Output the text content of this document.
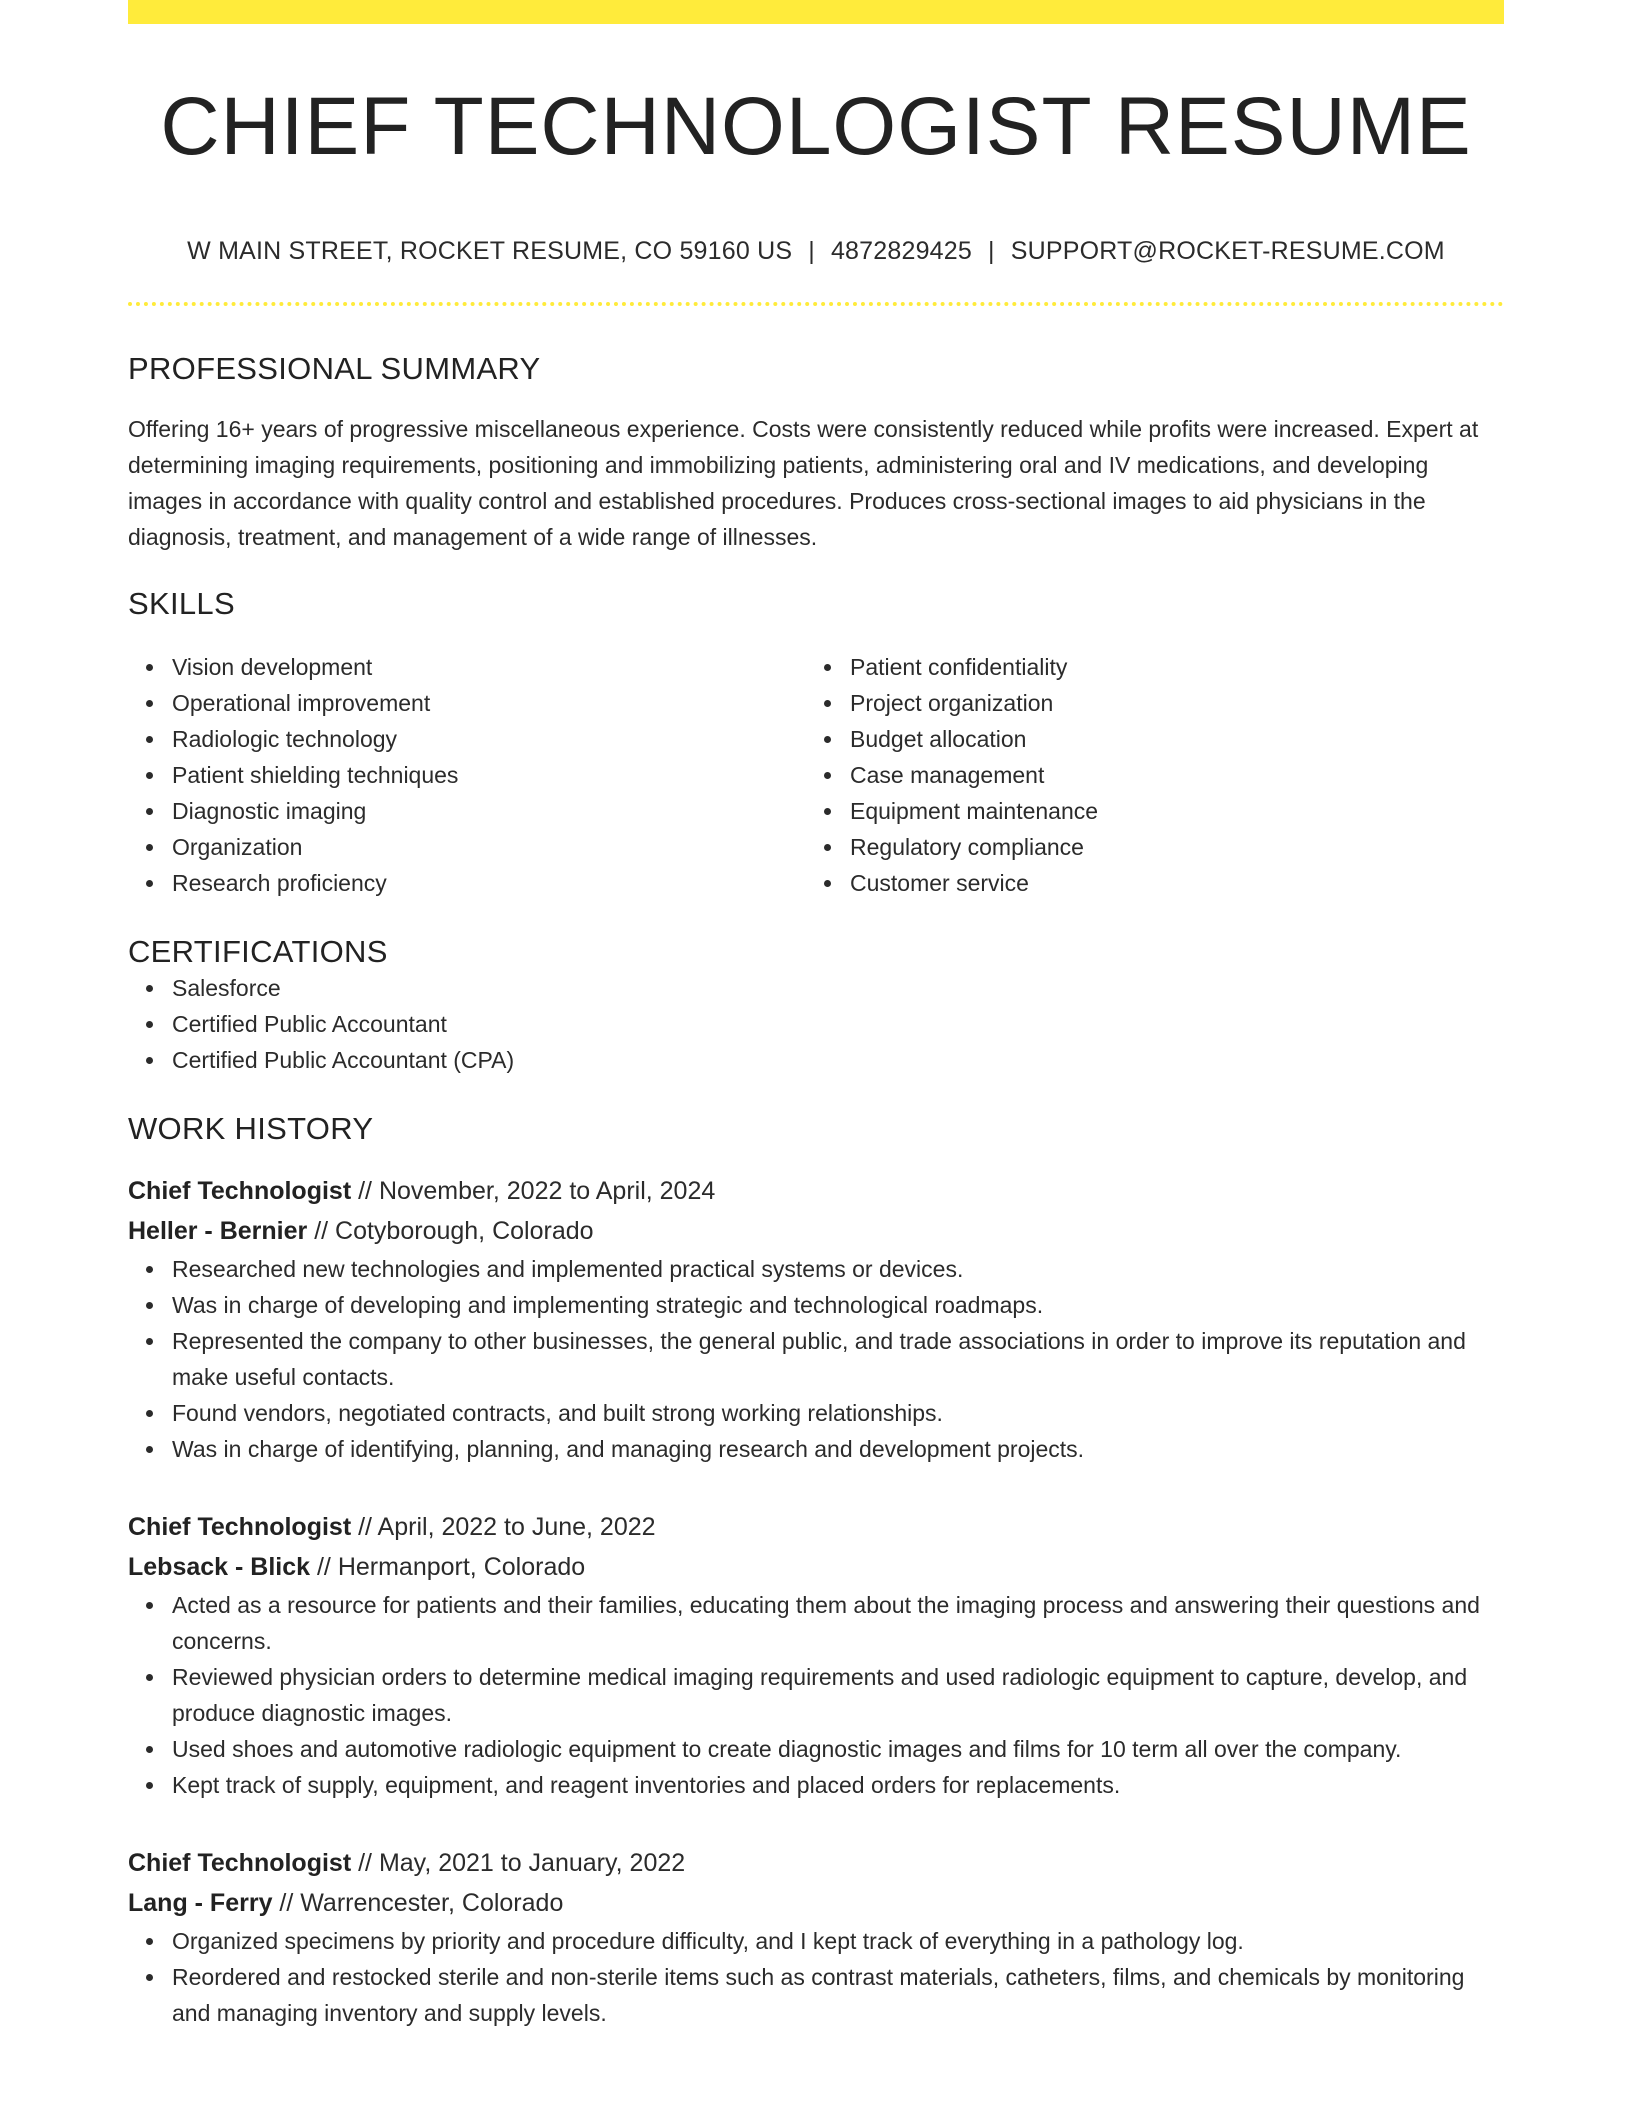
CHIEF TECHNOLOGIST RESUME
W MAIN STREET, ROCKET RESUME, CO 59160 US | 4872829425 | SUPPORT@ROCKET-RESUME.COM
PROFESSIONAL SUMMARY

Offering 16+ years of progressive miscellaneous experience. Costs were consistently reduced while profits were increased. Expert at determining imaging requirements, positioning and immobilizing patients, administering oral and IV medications, and developing images in accordance with quality control and established procedures. Produces cross-sectional images to aid physicians in the diagnosis, treatment, and management of a wide range of illnesses.

SKILLS
Vision development
Operational improvement
Radiologic technology
Patient shielding techniques
Diagnostic imaging
Organization
Research proficiency
Patient confidentiality
Project organization
Budget allocation
Case management
Equipment maintenance
Regulatory compliance
Customer service
CERTIFICATIONS
Salesforce
Certified Public Accountant
Certified Public Accountant (CPA)
WORK HISTORY
Chief Technologist // November, 2022 to April, 2024
Heller - Bernier // Cotyborough, Colorado
Researched new technologies and implemented practical systems or devices.
Was in charge of developing and implementing strategic and technological roadmaps.
Represented the company to other businesses, the general public, and trade associations in order to improve its reputation and make useful contacts.
Found vendors, negotiated contracts, and built strong working relationships.
Was in charge of identifying, planning, and managing research and development projects.
Chief Technologist // April, 2022 to June, 2022
Lebsack - Blick // Hermanport, Colorado
Acted as a resource for patients and their families, educating them about the imaging process and answering their questions and concerns.
Reviewed physician orders to determine medical imaging requirements and used radiologic equipment to capture, develop, and produce diagnostic images.
Used shoes and automotive radiologic equipment to create diagnostic images and films for 10 term all over the company.
Kept track of supply, equipment, and reagent inventories and placed orders for replacements.
Chief Technologist // May, 2021 to January, 2022
Lang - Ferry // Warrencester, Colorado
Organized specimens by priority and procedure difficulty, and I kept track of everything in a pathology log.
Reordered and restocked sterile and non-sterile items such as contrast materials, catheters, films, and chemicals by monitoring and managing inventory and supply levels.
